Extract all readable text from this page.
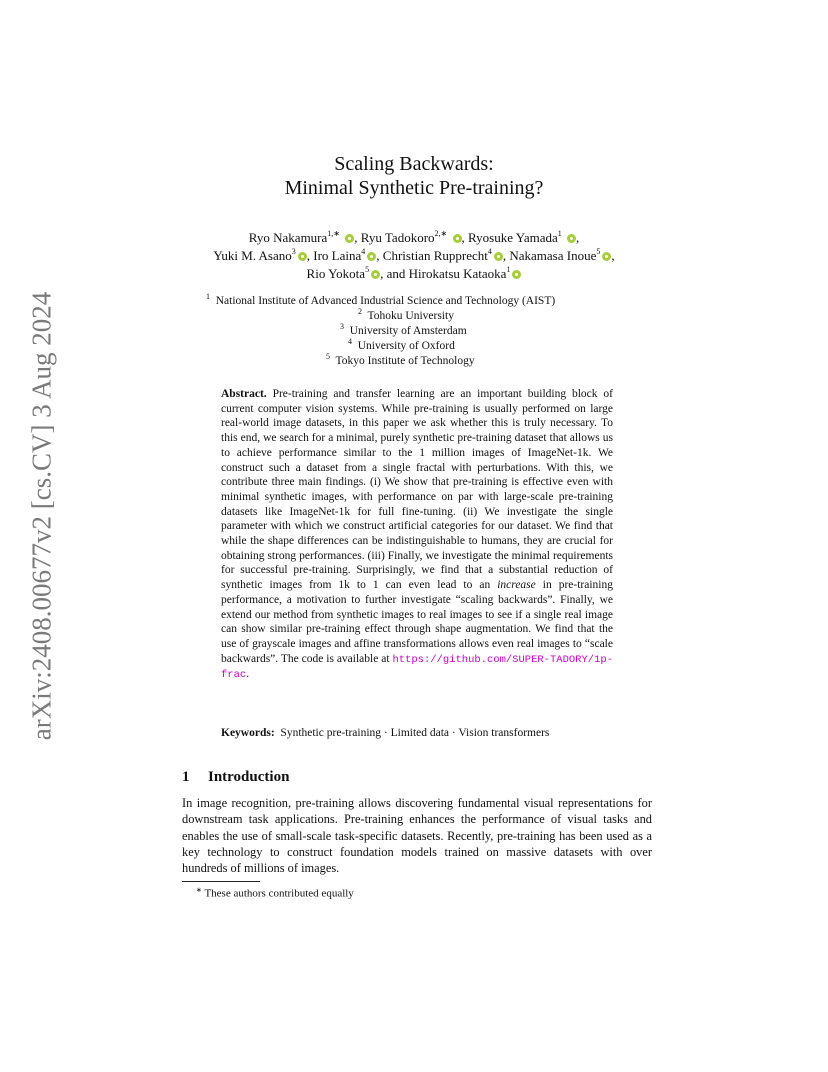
arXiv:2408.00677v2 [cs.CV] 3 Aug 2024
Scaling Backwards:
Minimal Synthetic Pre-training?
Ryo Nakamura$^{1,∗}$ , Ryu Tadokoro$^{2,∗}$ , Ryosuke Yamada$^1$ ,
Yuki M. Asano$^3$ , Iro Laina$^4$ , Christian Rupprecht$^4$ , Nakamasa Inoue$^5$ ,
Rio Yokota$^5$ , and Hirokatsu Kataoka$^1$
$^1$ National Institute of Advanced Industrial Science and Technology (AIST)
$^2$ Tohoku University
$^3$ University of Amsterdam
$^4$ University of Oxford
$^5$ Tokyo Institute of Technology
Abstract. Pre-training and transfer learning are an important building block of current computer vision systems. While pre-training is usually performed on large real-world image datasets, in this paper we ask whether this is truly necessary. To this end, we search for a minimal, purely synthetic pre-training dataset that allows us to achieve performance similar to the 1 million images of ImageNet-1k. We construct such a dataset from a single fractal with perturbations. With this, we contribute three main findings. (i) We show that pre-training is effective even with minimal synthetic images, with performance on par with large-scale pre-training datasets like ImageNet-1k for full fine-tuning. (ii) We investigate the single parameter with which we construct artificial categories for our dataset. We find that while the shape differences can be indistinguishable to humans, they are crucial for obtaining strong performances. (iii) Finally, we investigate the minimal requirements for successful pre-training. Surprisingly, we find that a substantial reduction of synthetic images from 1k to 1 can even lead to an increase in pre-training performance, a motivation to further investigate “scaling backwards”. Finally, we extend our method from synthetic images to real images to see if a single real image can show similar pre-training effect through shape augmentation. We find that the use of grayscale images and affine transformations allows even real images to “scale backwards”. The code is available at https://github.com/SUPER-TADORY/1p-frac.
Keywords: Synthetic pre-training · Limited data · Vision transformers
1 Introduction
In image recognition, pre-training allows discovering fundamental visual representations for downstream task applications. Pre-training enhances the performance of visual tasks and enables the use of small-scale task-specific datasets. Recently, pre-training has been used as a key technology to construct foundation models trained on massive datasets with over hundreds of millions of images.
∗ These authors contributed equally
